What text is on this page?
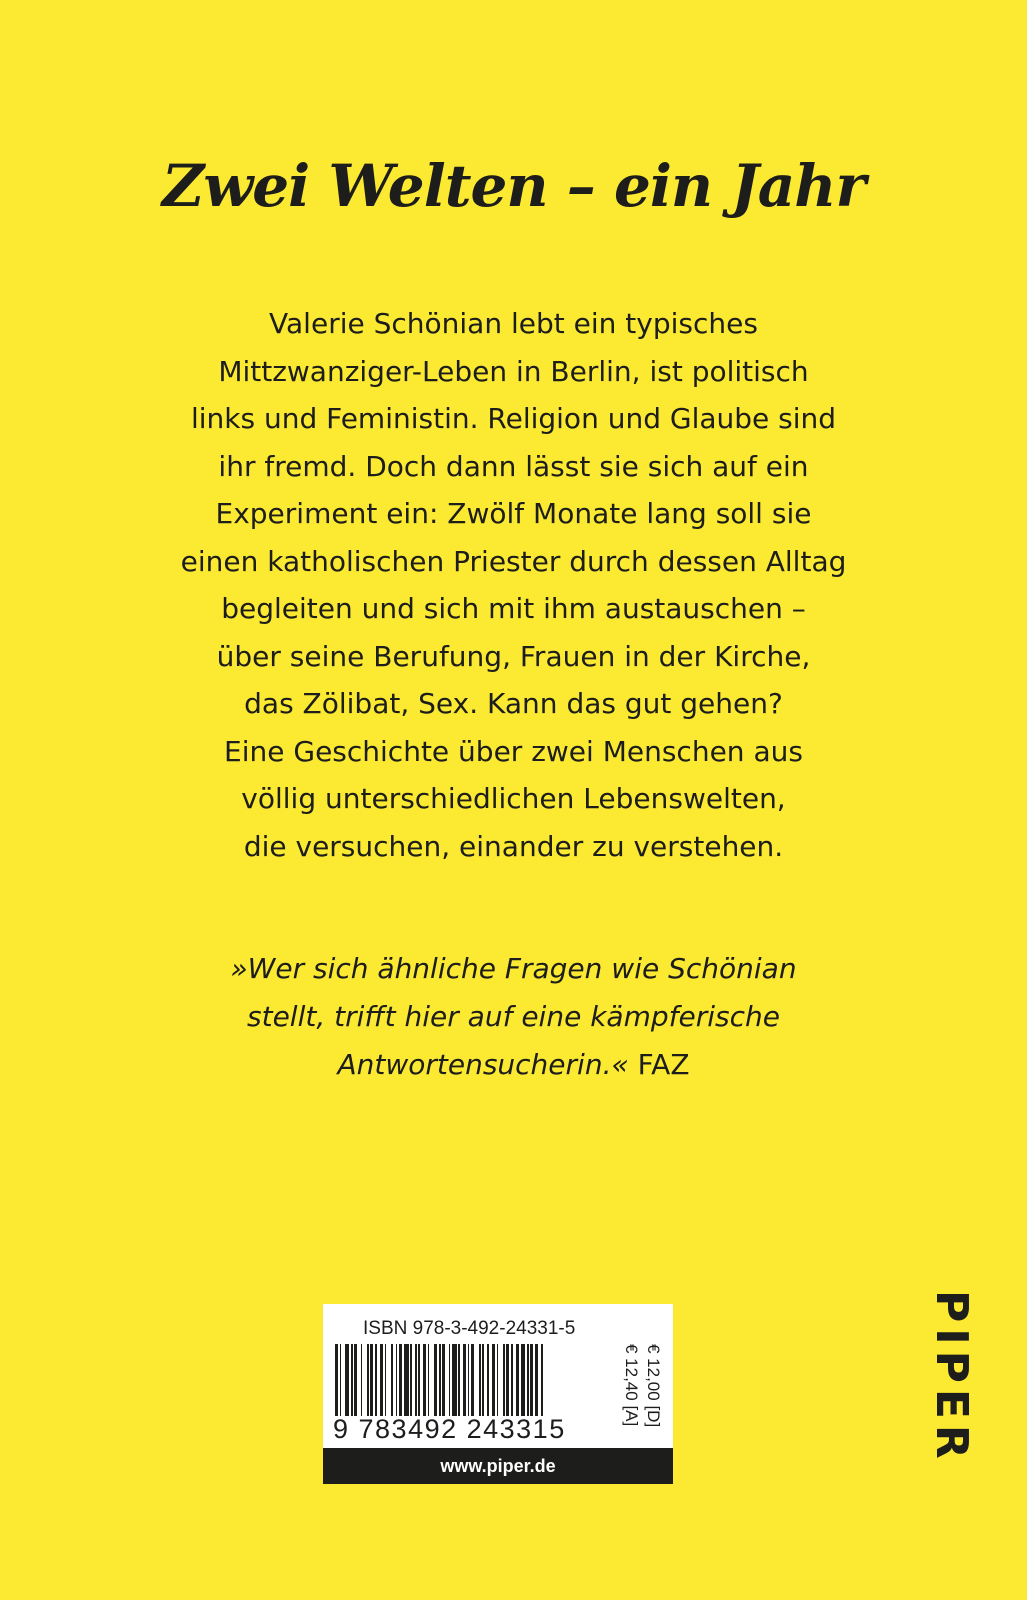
Zwei Welten – ein Jahr
Valerie Schönian lebt ein typisches
Mittzwanziger-Leben in Berlin, ist politisch
links und Feministin. Religion und Glaube sind
ihr fremd. Doch dann lässt sie sich auf ein
Experiment ein: Zwölf Monate lang soll sie
einen katholischen Priester durch dessen Alltag
begleiten und sich mit ihm austauschen –
über seine Berufung, Frauen in der Kirche,
das Zölibat, Sex. Kann das gut gehen?
Eine Geschichte über zwei Menschen aus
völlig unterschiedlichen Lebenswelten,
die versuchen, einander zu verstehen.
»Wer sich ähnliche Fragen wie Schönian
stellt, trifft hier auf eine kämpferische
Antwortensucherin.« FAZ
ISBN 978-3-492-24331-5
9 783492 243315
€ 12,00 [D]
€ 12,40 [A]
www.piper.de
PIPER
